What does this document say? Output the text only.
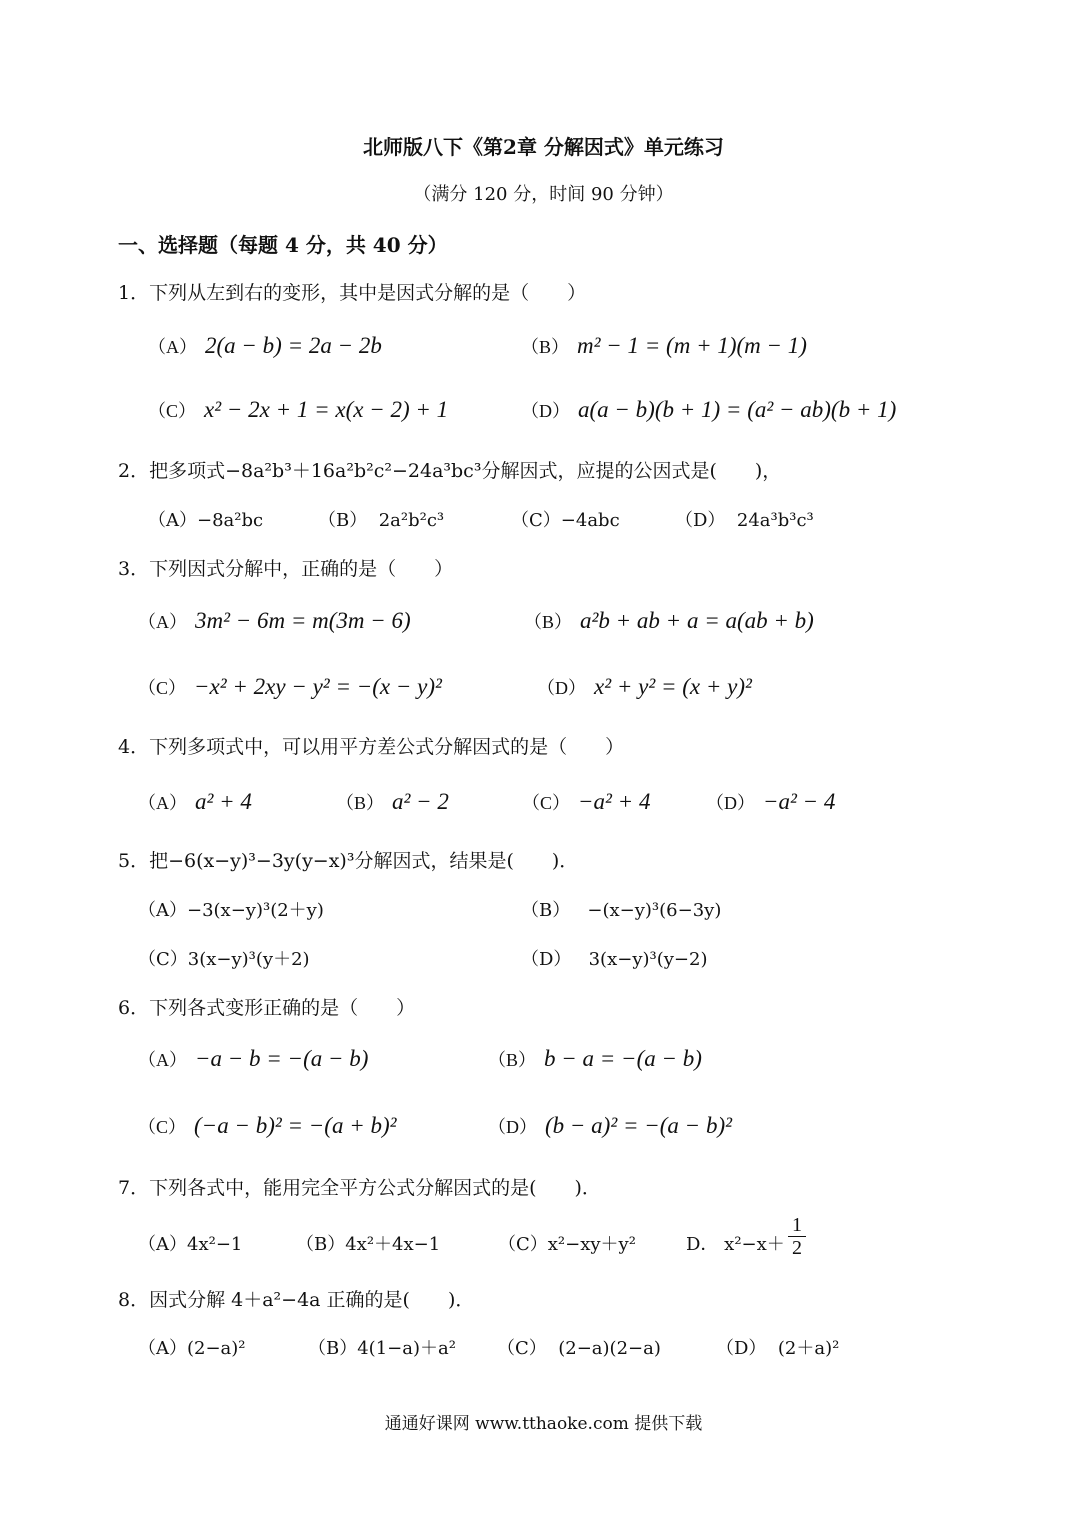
北师版八下《第2章 分解因式》单元练习
（满分 120 分，时间 90 分钟）
一、选择题（每题 4 分，共 40 分）
1．下列从左到右的变形，其中是因式分解的是（　　）
（A） 2(a − b) = 2a − 2b	（B） m² − 1 = (m + 1)(m − 1)
（C） x² − 2x + 1 = x(x − 2) + 1	（D） a(a − b)(b + 1) = (a² − ab)(b + 1)
2．把多项式−8a²b³＋16a²b²c²−24a³bc³分解因式，应提的公因式是(　　)，
（A）−8a²bc	（B） 2a²b²c³	（C）−4abc	（D） 24a³b³c³
3．下列因式分解中，正确的是（　　）
（A） 3m² − 6m = m(3m − 6)	（B） a²b + ab + a = a(ab + b)
（C） −x² + 2xy − y² = −(x − y)²	（D） x² + y² = (x + y)²
4．下列多项式中，可以用平方差公式分解因式的是（　　）
（A） a² + 4	（B） a² − 2	（C） −a² + 4	（D） −a² − 4
5．把−6(x−y)³−3y(y−x)³分解因式，结果是(　　)．
（A）−3(x−y)³(2＋y)	（B） −(x−y)³(6−3y)
（C）3(x−y)³(y＋2)	（D） 3(x−y)³(y−2)
6．下列各式变形正确的是（　　）
（A） −a − b = −(a − b)	（B） b − a = −(a − b)
（C） (−a − b)² = −(a + b)²	（D） (b − a)² = −(a − b)²
7．下列各式中，能用完全平方公式分解因式的是(　　)．
（A）4x²−1	（B）4x²＋4x−1	（C）x²−xy＋y²	D． $x^2-x+ \frac{1}{2}$
8．因式分解 4＋a²−4a 正确的是(　　)．
（A）(2−a)²	（B）4(1−a)＋a² （C） (2−a)(2−a)	（D） (2＋a)²
通通好课网 www.tthaoke.com 提供下载
